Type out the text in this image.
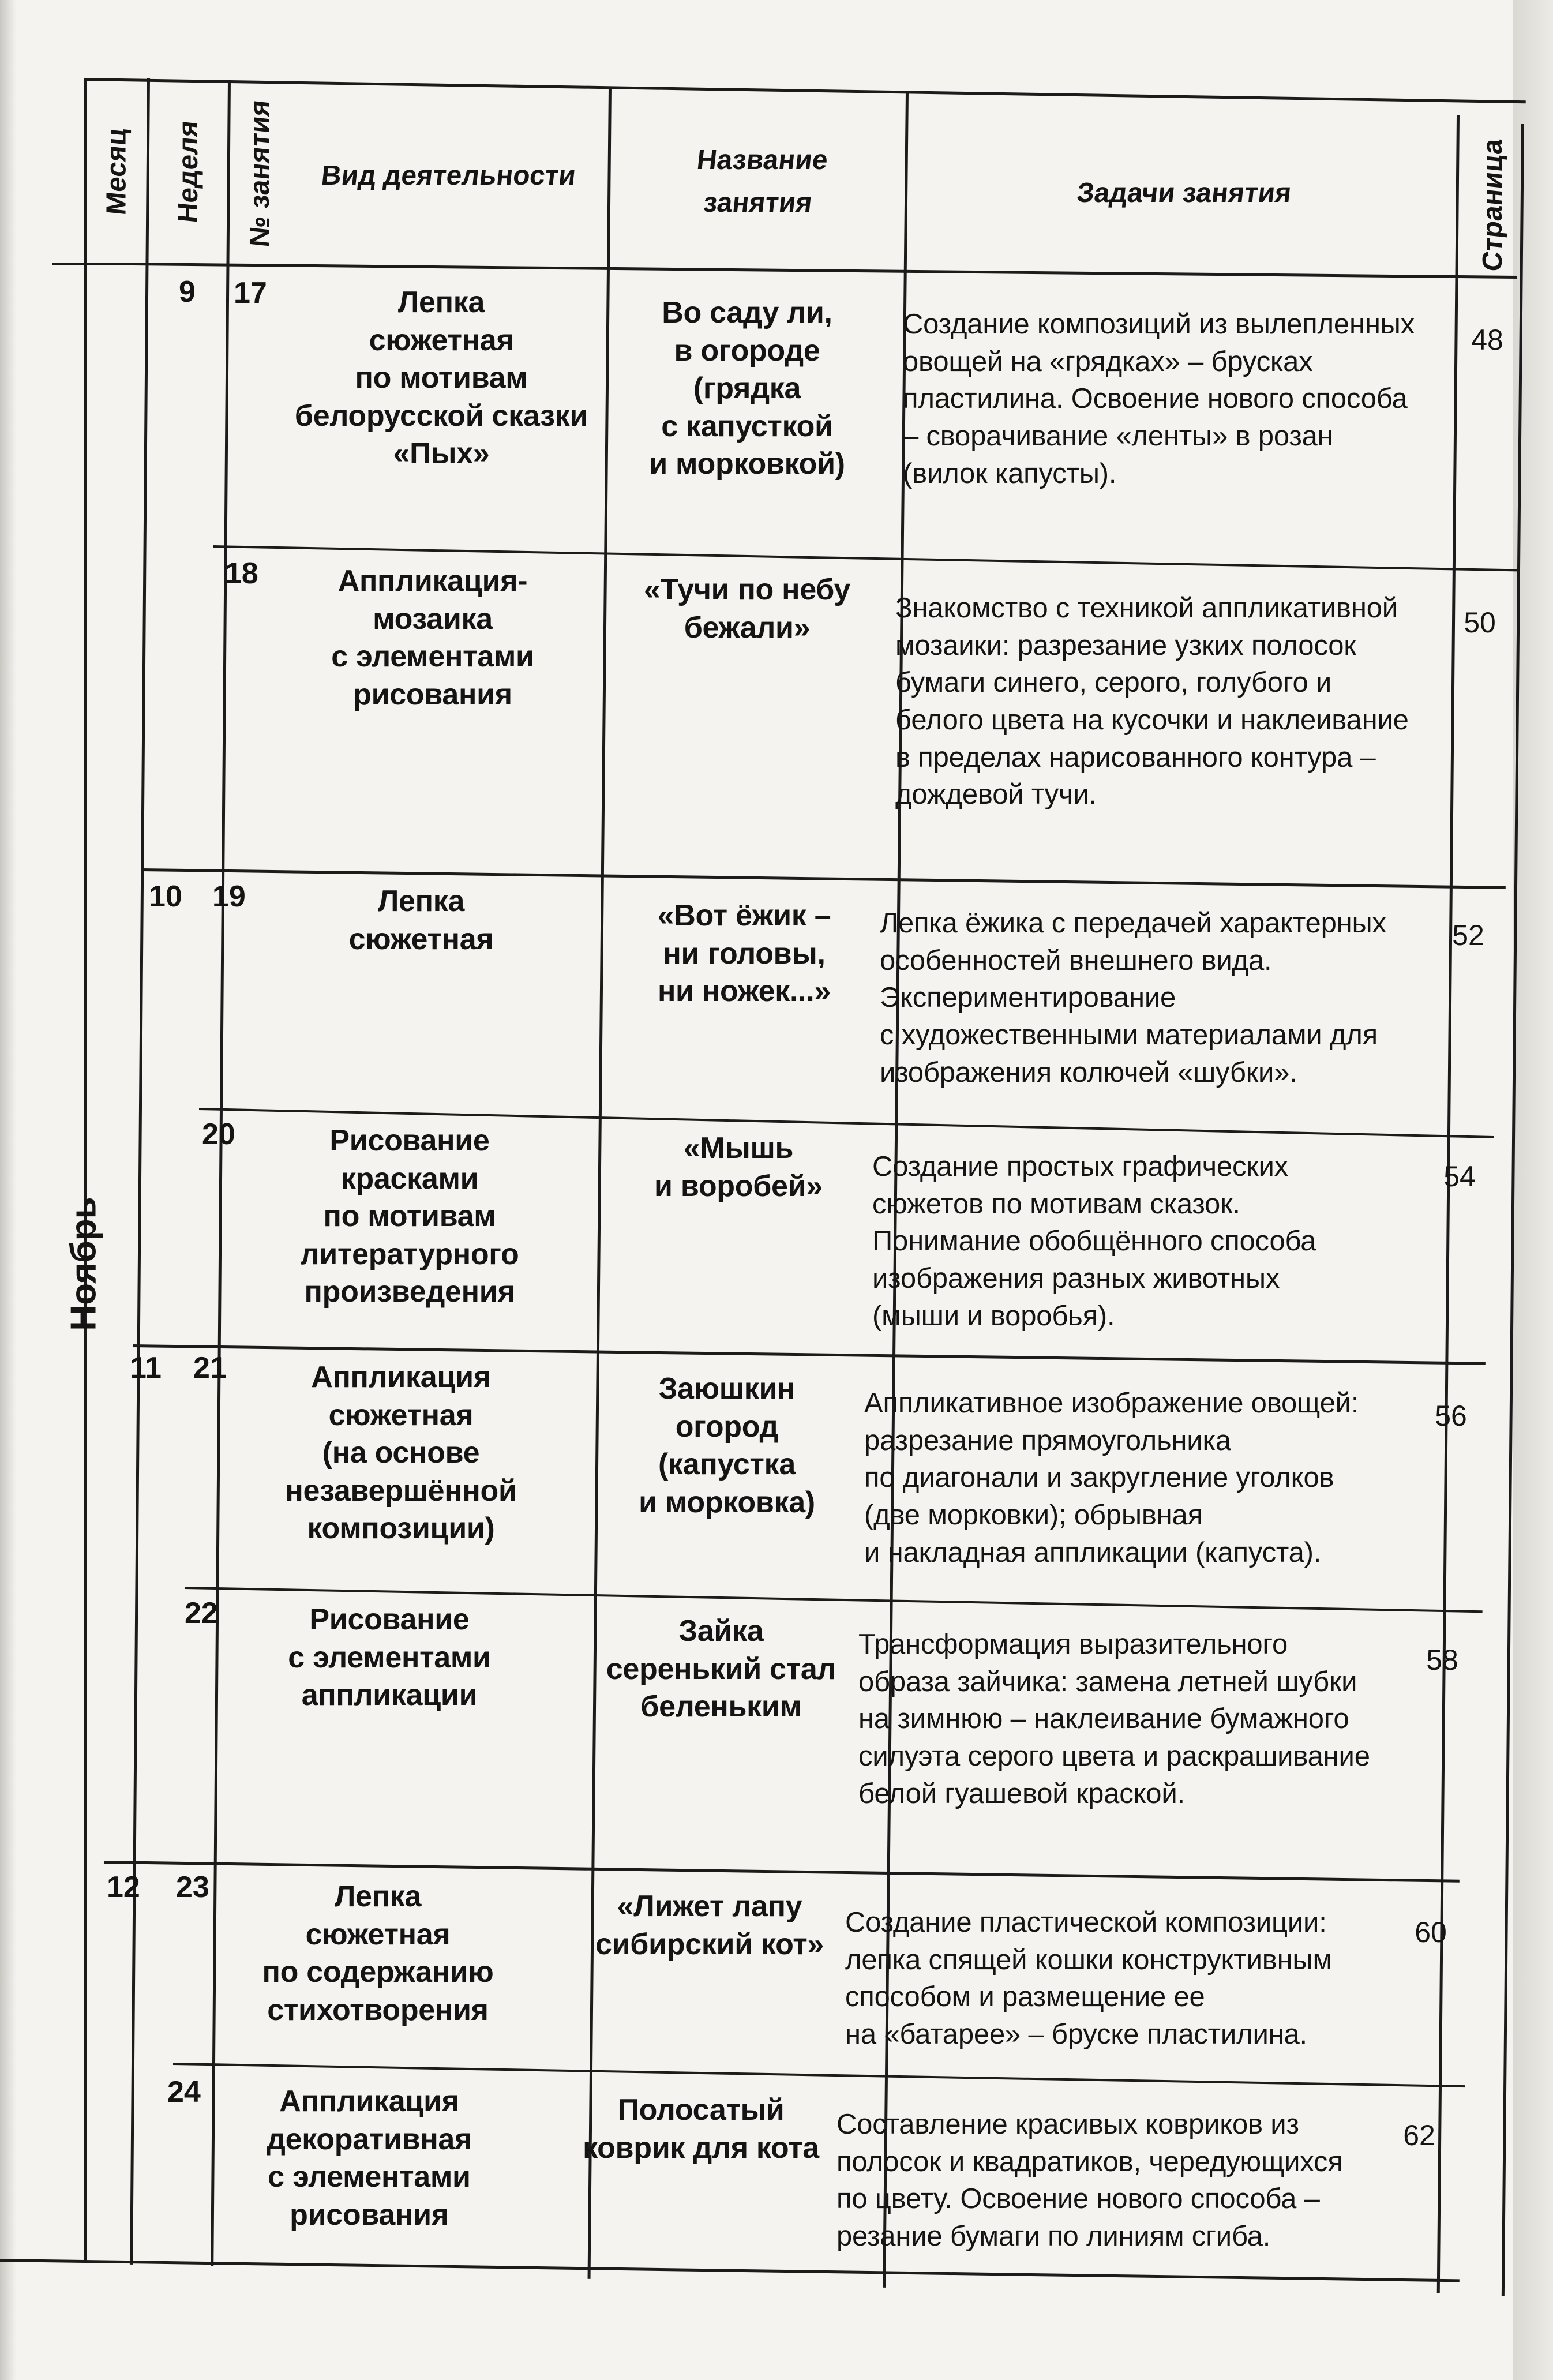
Месяц Неделя № занятия Вид деятельности
Название
занятия	Задачи занятия	Страница
Ноябрь
9
10
11
12
17
18
19
20
21
22
23
24
Лепка
сюжетная
по мотивам
белорусской сказки
«Пых»
Во саду ли,
в огороде
(грядка
с капусткой
и морковкой)
Создание композиций из вылепленных
овощей на «грядках» – брусках
пластилина. Освоение нового способа
– сворачивание «ленты» в розан
(вилок капусты).
48
Аппликация-
мозаика
с элементами
рисования
«Тучи по небу
бежали»
Знакомство с техникой аппликативной
мозаики: разрезание узких полосок
бумаги синего, серого, голубого и
белого цвета на кусочки и наклеивание
в пределах нарисованного контура –
дождевой тучи.
50
Лепка
сюжетная
«Вот ёжик –
ни головы,
ни ножек...»
Лепка ёжика с передачей характерных
особенностей внешнего вида.
Экспериментирование
с художественными материалами для
изображения колючей «шубки».
52
Рисование
красками
по мотивам
литературного
произведения
«Мышь
и воробей»
Создание простых графических
сюжетов по мотивам сказок.
Понимание обобщённого способа
изображения разных животных
(мыши и воробья).
54
Аппликация
сюжетная
(на основе
незавершённой
композиции)
Заюшкин
огород
(капустка
и морковка)
Аппликативное изображение овощей:
разрезание прямоугольника
по диагонали и закругление уголков
(две морковки); обрывная
и накладная аппликации (капуста).
56
Рисование
с элементами
аппликации
Зайка
серенький стал
беленьким
Трансформация выразительного
образа зайчика: замена летней шубки
на зимнюю – наклеивание бумажного
силуэта серого цвета и раскрашивание
белой гуашевой краской.
58
Лепка
сюжетная
по содержанию
стихотворения
«Лижет лапу
сибирский кот»
Создание пластической композиции:
лепка спящей кошки конструктивным
способом и размещение ее
на «батарее» – бруске пластилина.
60
Аппликация
декоративная
с элементами
рисования
Полосатый
коврик для кота
Составление красивых ковриков из
полосок и квадратиков, чередующихся
по цвету. Освоение нового способа –
резание бумаги по линиям сгиба.
62
